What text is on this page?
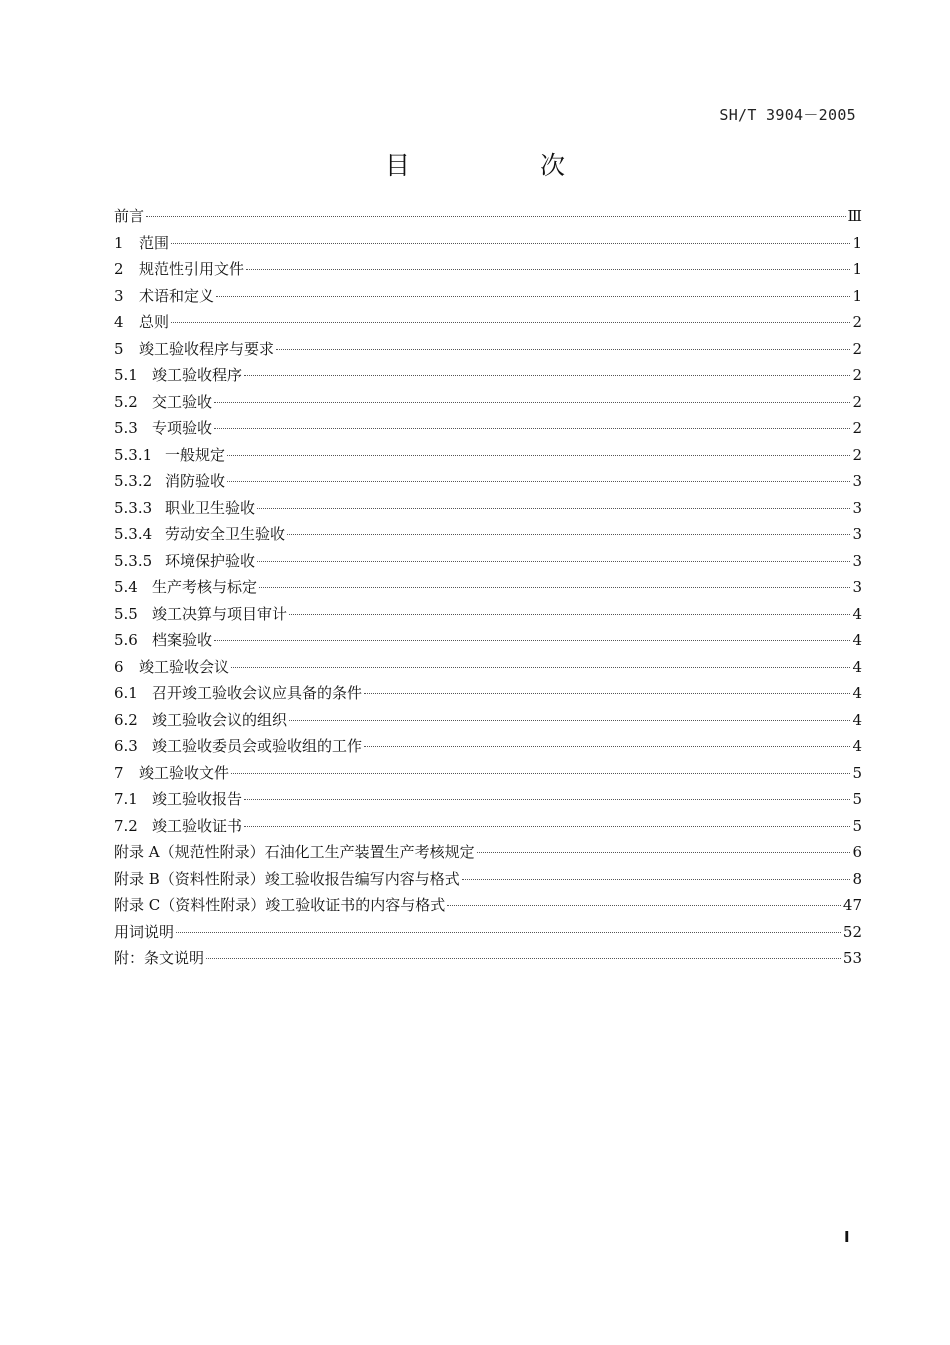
SH/T 3904－2005
目	次
前言	Ⅲ
1	范围	1
2	规范性引用文件	1
3	术语和定义	1
4	总则	2
5	竣工验收程序与要求	2
5.1 竣工验收程序	2
5.2 交工验收	2
5.3 专项验收	2
5.3.1 一般规定	2
5.3.2 消防验收	3
5.3.3 职业卫生验收	3
5.3.4 劳动安全卫生验收	3
5.3.5 环境保护验收	3
5.4 生产考核与标定	3
5.5 竣工决算与项目审计	4
5.6 档案验收	4
6	竣工验收会议	4
6.1 召开竣工验收会议应具备的条件	4
6.2 竣工验收会议的组织	4
6.3 竣工验收委员会或验收组的工作	4
7	竣工验收文件	5
7.1 竣工验收报告	5
7.2 竣工验收证书	5
附录 A（规范性附录）石油化工生产装置生产考核规定	6
附录 B（资料性附录）竣工验收报告编写内容与格式	8
附录 C（资料性附录）竣工验收证书的内容与格式	47
用词说明	52
附：条文说明	53
I
